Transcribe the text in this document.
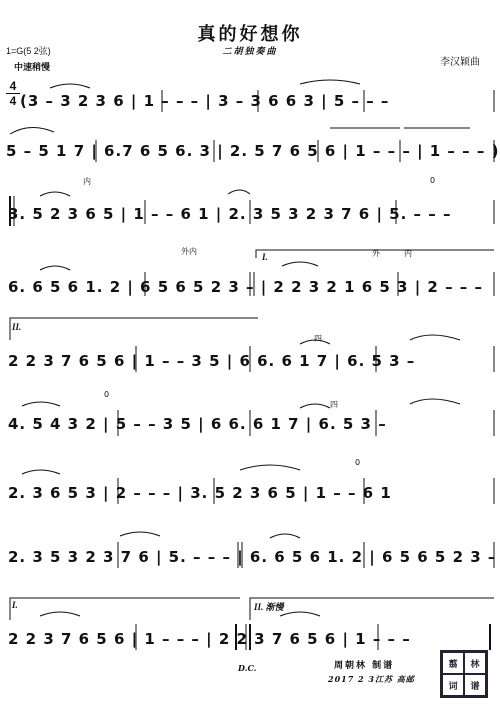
真的好想你
二胡独奏曲
1=G(5 2弦)
李汉颖曲
中速稍慢
4
4 (3 – 3 2 3 6 | 1 – – – | 3 – 3 6 6 3 | 5 – – –
5 – 5 1 7 | 6.7 6 5 6. 3 | 2. 5 7 6 5 6 | 1 – – – | 1 – – – )
3. 5 2 3 6 5 | 1 – – 6 1 | 2. 3 5 3 2 3 7 6 | 5. – – –
6. 6 5 6 1. 2 | 6 5 6 5 2 3 – | 2 2 3 2 1 6 5 3 | 2 – – –
2 2 3 7 6 5 6 | 1 – – 3 5 | 6 6. 6 1 7 | 6. 5 3 –
4. 5 4 3 2 | 5 – – 3 5 | 6 6. 6 1 7 | 6. 5 3 –
2. 3 6 5 3 | 2 – – – | 3. 5 2 3 6 5 | 1 – – 6 1
2. 3 5 3 2 3 7 6 | 5. – – – | 6. 6 5 6 1. 2 | 6 5 6 5 2 3 –
2 2 3 7 6 5 6 | 1 – – – | 2 2 3 7 6 5 6 | 1 – – –
内
外内	外	内
0
0
0
四
四
I.
II.
I.	II. 渐慢
D.C.	周朝林 制谱
2017 2 3江苏 高邮
翦	林
词	谱
